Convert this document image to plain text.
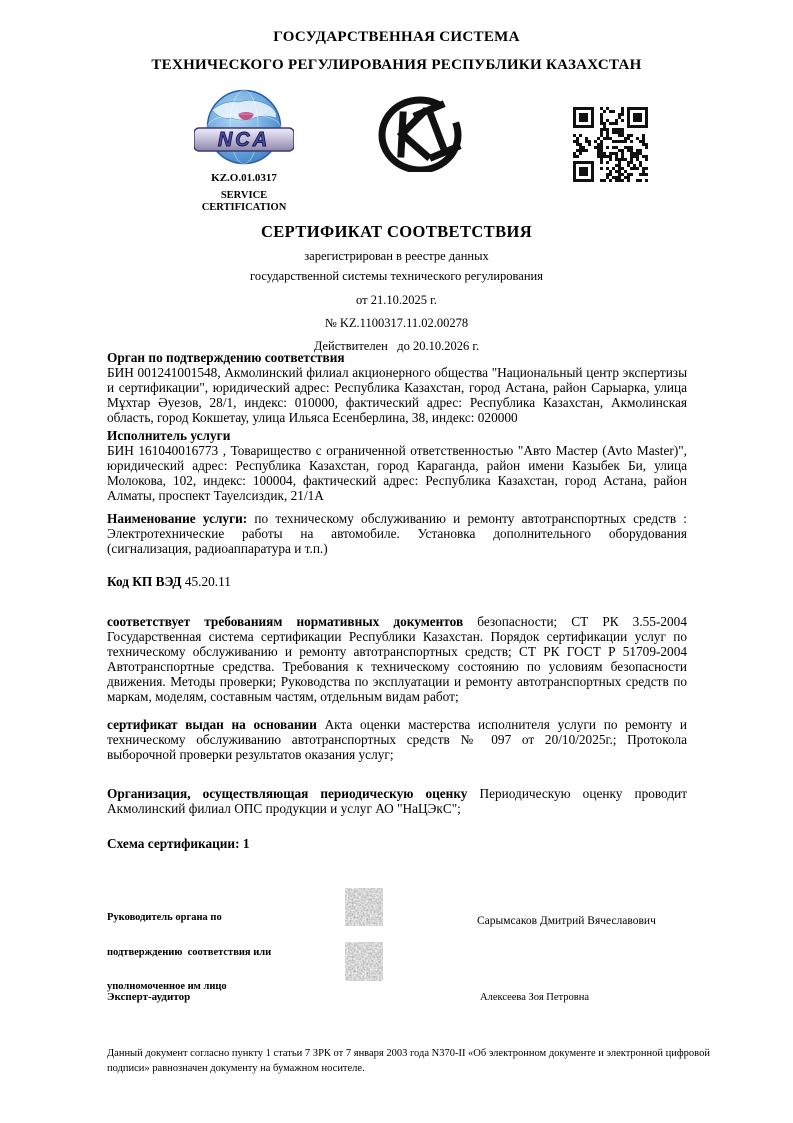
ГОСУДАРСТВЕННАЯ СИСТЕМА
ТЕХНИЧЕСКОГО РЕГУЛИРОВАНИЯ РЕСПУБЛИКИ КАЗАХСТАН
NCA
KZ.O.01.0317
SERVICE
CERTIFICATION
СЕРТИФИКАТ СООТВЕТСТВИЯ
зарегистрирован в реестре данных
государственной системы технического регулирования
от 21.10.2025 г.
№ KZ.1100317.11.02.00278
Действителен   до 20.10.2026 г.
Орган по подтверждению соответствия
БИН 001241001548, Акмолинский филиал акционерного общества "Национальный центр экспертизы и сертификации", юридический адрес: Республика Казахстан, город Астана, район Сарыарка, улица Мұхтар Әуезов, 28/1, индекс: 010000, фактический адрес: Республика Казахстан, Акмолинская область, город Кокшетау, улица Ильяса Есенберлина, 38, индекс: 020000
Исполнитель услуги
БИН 161040016773 , Товарищество с ограниченной ответственностью "Авто Мастер (Avto Master)", юридический адрес: Республика Казахстан, город Караганда, район имени Казыбек Би, улица Молокова, 102, индекс: 100004, фактический адрес: Республика Казахстан, город Астана, район Алматы, проспект Тауелсиздик, 21/1А
Наименование услуги: по техническому обслуживанию и ремонту автотранспортных средств : Электротехнические работы на автомобиле. Установка дополнительного оборудования (сигнализация, радиоаппаратура и т.п.)
Код КП ВЭД 45.20.11
соответствует требованиям нормативных документов безопасности; СТ РК 3.55-2004 Государственная система сертификации Республики Казахстан. Порядок сертификации услуг по техническому обслуживанию и ремонту автотранспортных средств; СТ РК ГОСТ Р 51709-2004 Автотранспортные средства. Требования к техническому состоянию по условиям безопасности движения. Методы проверки; Руководства по эксплуатации и ремонту автотранспортных средств по маркам, моделям, составным частям, отдельным видам работ;
сертификат выдан на основании Акта оценки мастерства исполнителя услуги по ремонту и техническому обслуживанию автотранспортных средств № 097 от 20/10/2025г.; Протокола выборочной проверки результатов оказания услуг;
Организация, осуществляющая периодическую оценку Периодическую оценку проводит Акмолинский филиал ОПС продукции и услуг АО "НаЦЭкС";
Схема сертификации: 1

Руководитель органа по

подтверждению  соответствия или

уполномоченное им лицо

Сарымсаков Дмитрий Вячеславович
Эксперт-аудитор	Алексеева Зоя Петровна
Данный документ согласно пункту 1 статьи 7 ЗРК от 7 января 2003 года N370-II «Об электронном документе и электронной цифровой подписи» равнозначен документу на бумажном носителе.
